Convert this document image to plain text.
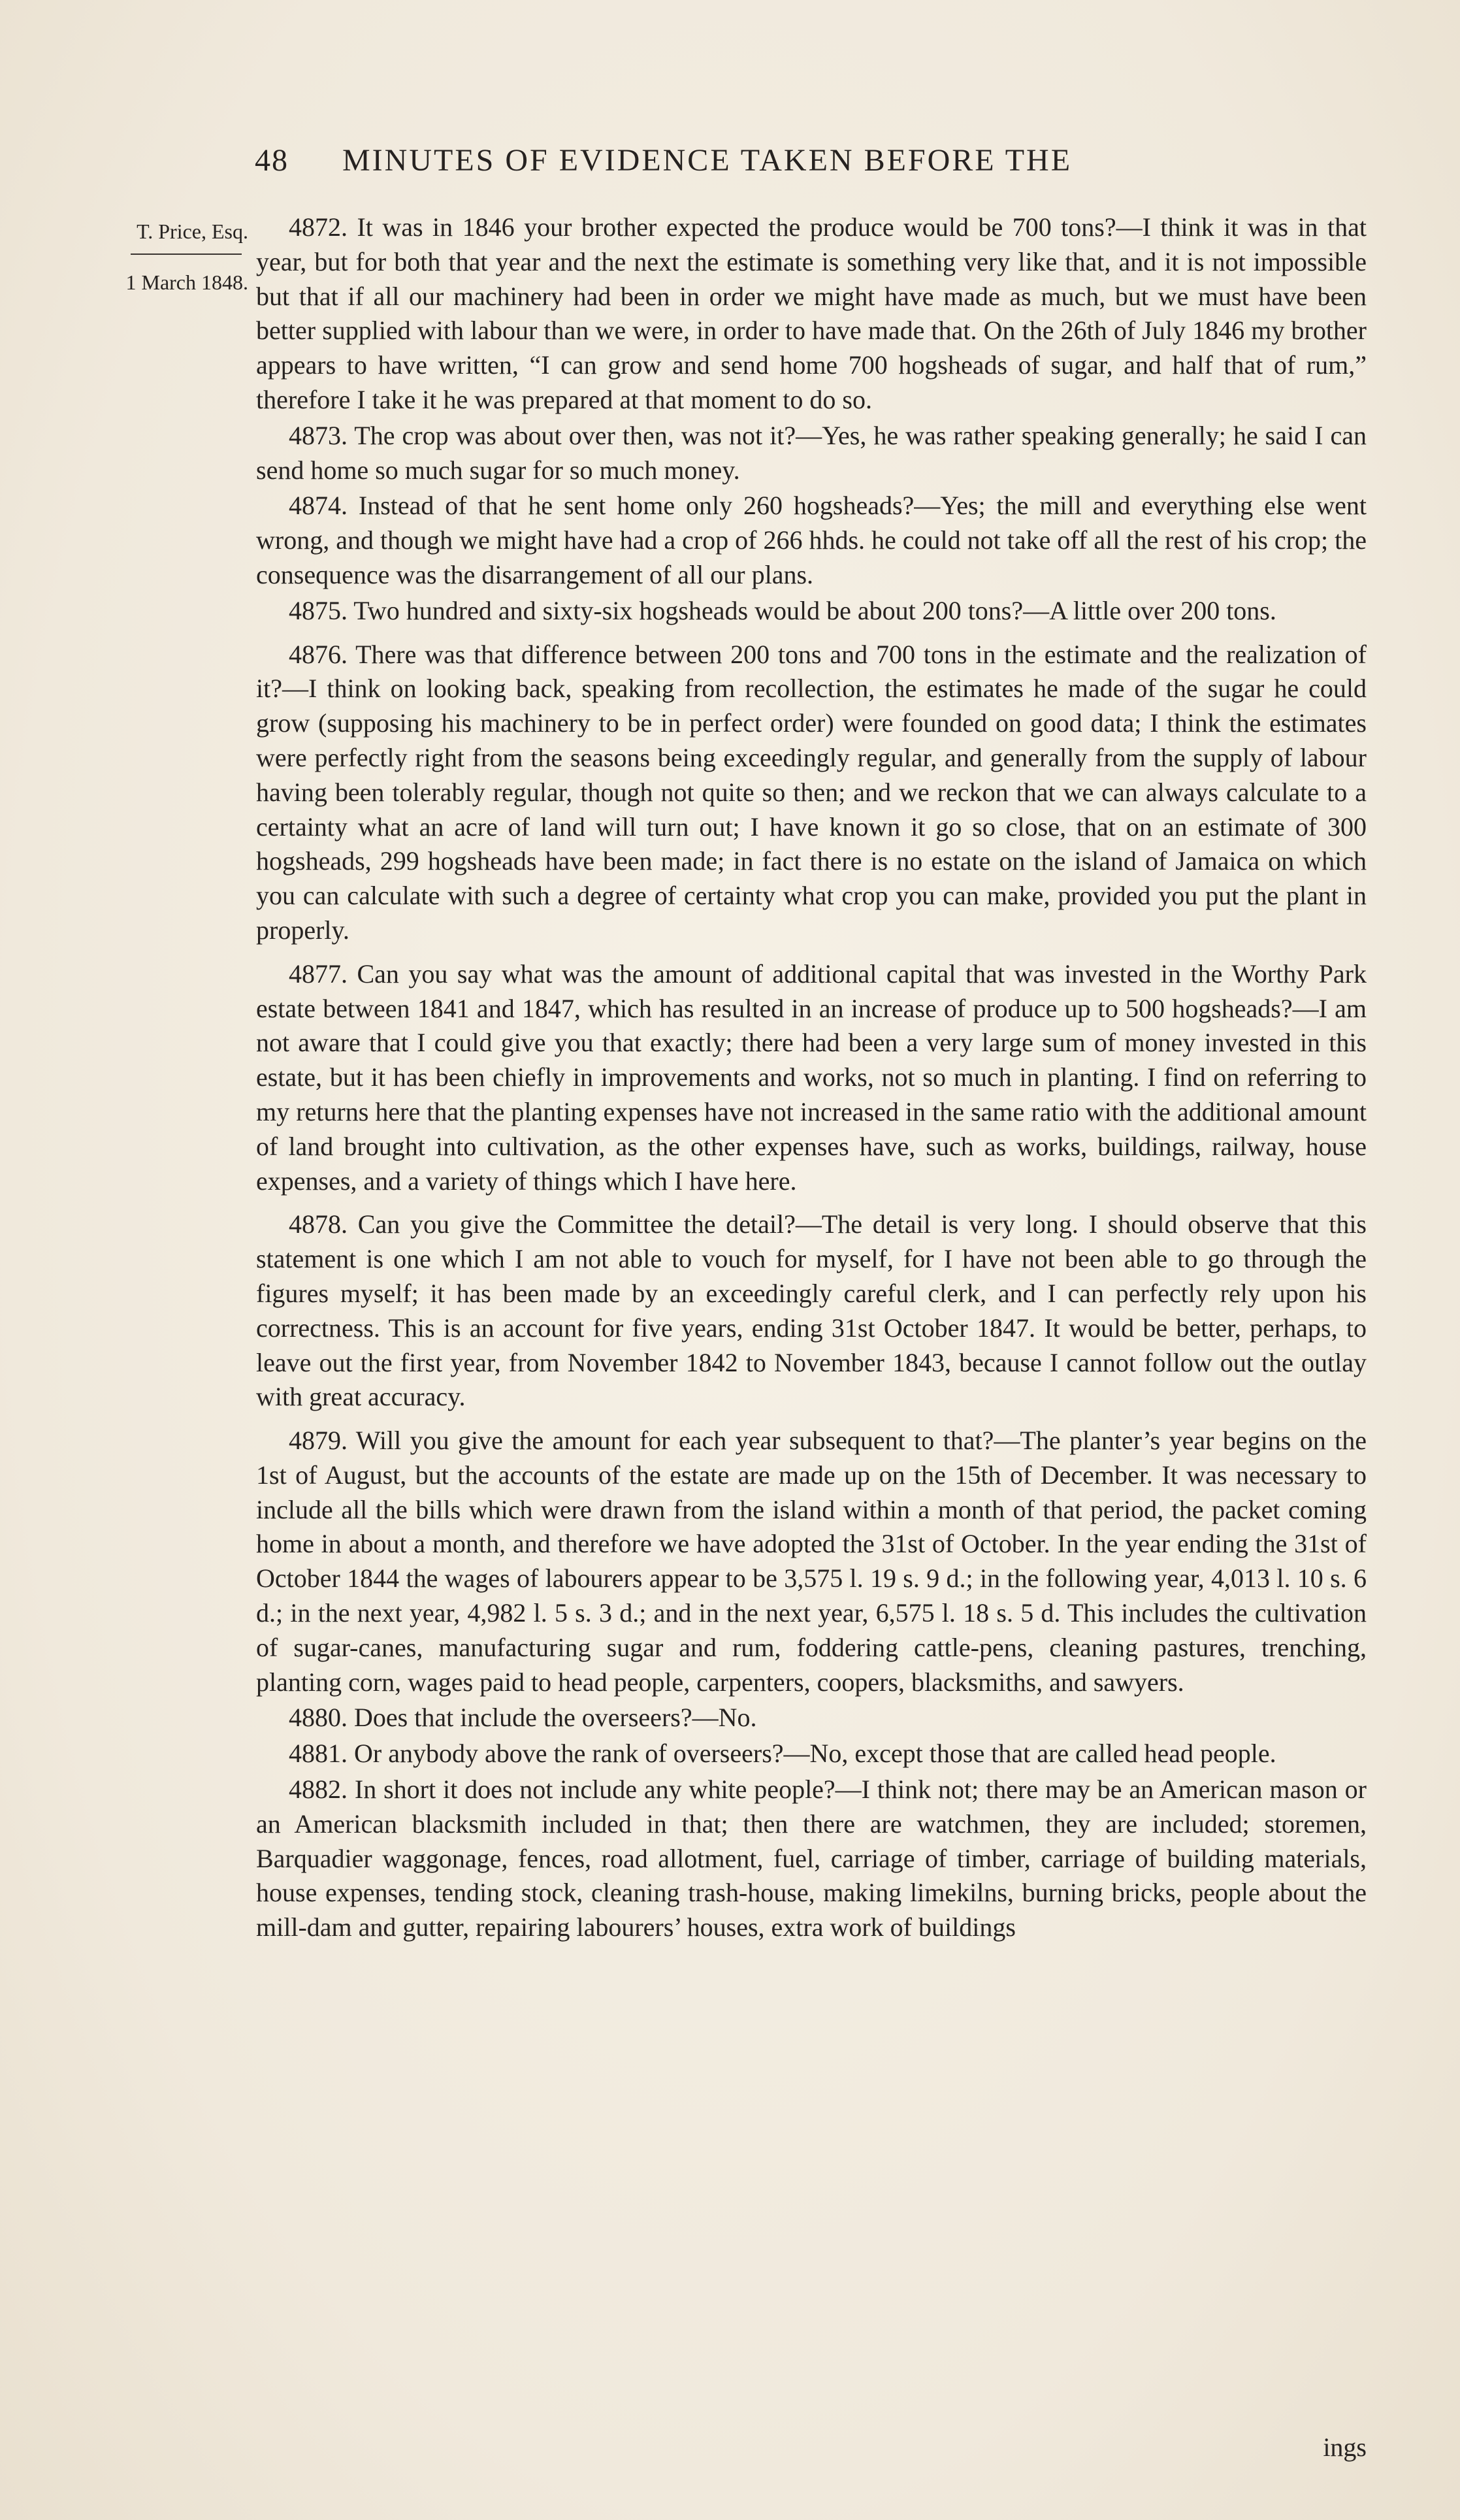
48 MINUTES OF EVIDENCE TAKEN BEFORE THE
T. Price, Esq.
1 March 1848.

4872. It was in 1846 your brother expected the produce would be 700 tons?—I think it was in that year, but for both that year and the next the estimate is something very like that, and it is not impossible but that if all our machinery had been in order we might have made as much, but we must have been better supplied with labour than we were, in order to have made that. On the 26th of July 1846 my brother appears to have written, “I can grow and send home 700 hogsheads of sugar, and half that of rum,” therefore I take it he was prepared at that moment to do so.

4873. The crop was about over then, was not it?—Yes, he was rather speaking generally; he said I can send home so much sugar for so much money.

4874. Instead of that he sent home only 260 hogsheads?—Yes; the mill and everything else went wrong, and though we might have had a crop of 266 hhds. he could not take off all the rest of his crop; the consequence was the disarrangement of all our plans.

4875. Two hundred and sixty-six hogsheads would be about 200 tons?—A little over 200 tons.

4876. There was that difference between 200 tons and 700 tons in the estimate and the realization of it?—I think on looking back, speaking from recollection, the estimates he made of the sugar he could grow (supposing his machinery to be in perfect order) were founded on good data; I think the estimates were perfectly right from the seasons being exceedingly regular, and generally from the supply of labour having been tolerably regular, though not quite so then; and we reckon that we can always calculate to a certainty what an acre of land will turn out; I have known it go so close, that on an estimate of 300 hogsheads, 299 hogsheads have been made; in fact there is no estate on the island of Jamaica on which you can calculate with such a degree of certainty what crop you can make, provided you put the plant in properly.

4877. Can you say what was the amount of additional capital that was invested in the Worthy Park estate between 1841 and 1847, which has resulted in an increase of produce up to 500 hogsheads?—I am not aware that I could give you that exactly; there had been a very large sum of money invested in this estate, but it has been chiefly in improvements and works, not so much in planting. I find on referring to my returns here that the planting expenses have not increased in the same ratio with the additional amount of land brought into cultivation, as the other expenses have, such as works, buildings, railway, house expenses, and a variety of things which I have here.

4878. Can you give the Committee the detail?—The detail is very long. I should observe that this statement is one which I am not able to vouch for myself, for I have not been able to go through the figures myself; it has been made by an exceedingly careful clerk, and I can perfectly rely upon his correctness. This is an account for five years, ending 31st October 1847. It would be better, perhaps, to leave out the first year, from November 1842 to November 1843, because I cannot follow out the outlay with great accuracy.

4879. Will you give the amount for each year subsequent to that?—The planter’s year begins on the 1st of August, but the accounts of the estate are made up on the 15th of December. It was necessary to include all the bills which were drawn from the island within a month of that period, the packet coming home in about a month, and therefore we have adopted the 31st of October. In the year ending the 31st of October 1844 the wages of labourers appear to be 3,575 l. 19 s. 9 d.; in the following year, 4,013 l. 10 s. 6 d.; in the next year, 4,982 l. 5 s. 3 d.; and in the next year, 6,575 l. 18 s. 5 d. This includes the cultivation of sugar-canes, manufacturing sugar and rum, foddering cattle-pens, cleaning pastures, trenching, planting corn, wages paid to head people, carpenters, coopers, blacksmiths, and sawyers.

4880. Does that include the overseers?—No.

4881. Or anybody above the rank of overseers?—No, except those that are called head people.

4882. In short it does not include any white people?—I think not; there may be an American mason or an American blacksmith included in that; then there are watchmen, they are included; storemen, Barquadier waggonage, fences, road allotment, fuel, carriage of timber, carriage of building materials, house expenses, tending stock, cleaning trash-house, making limekilns, burning bricks, people about the mill-dam and gutter, repairing labourers’ houses, extra work of buildings

ings
